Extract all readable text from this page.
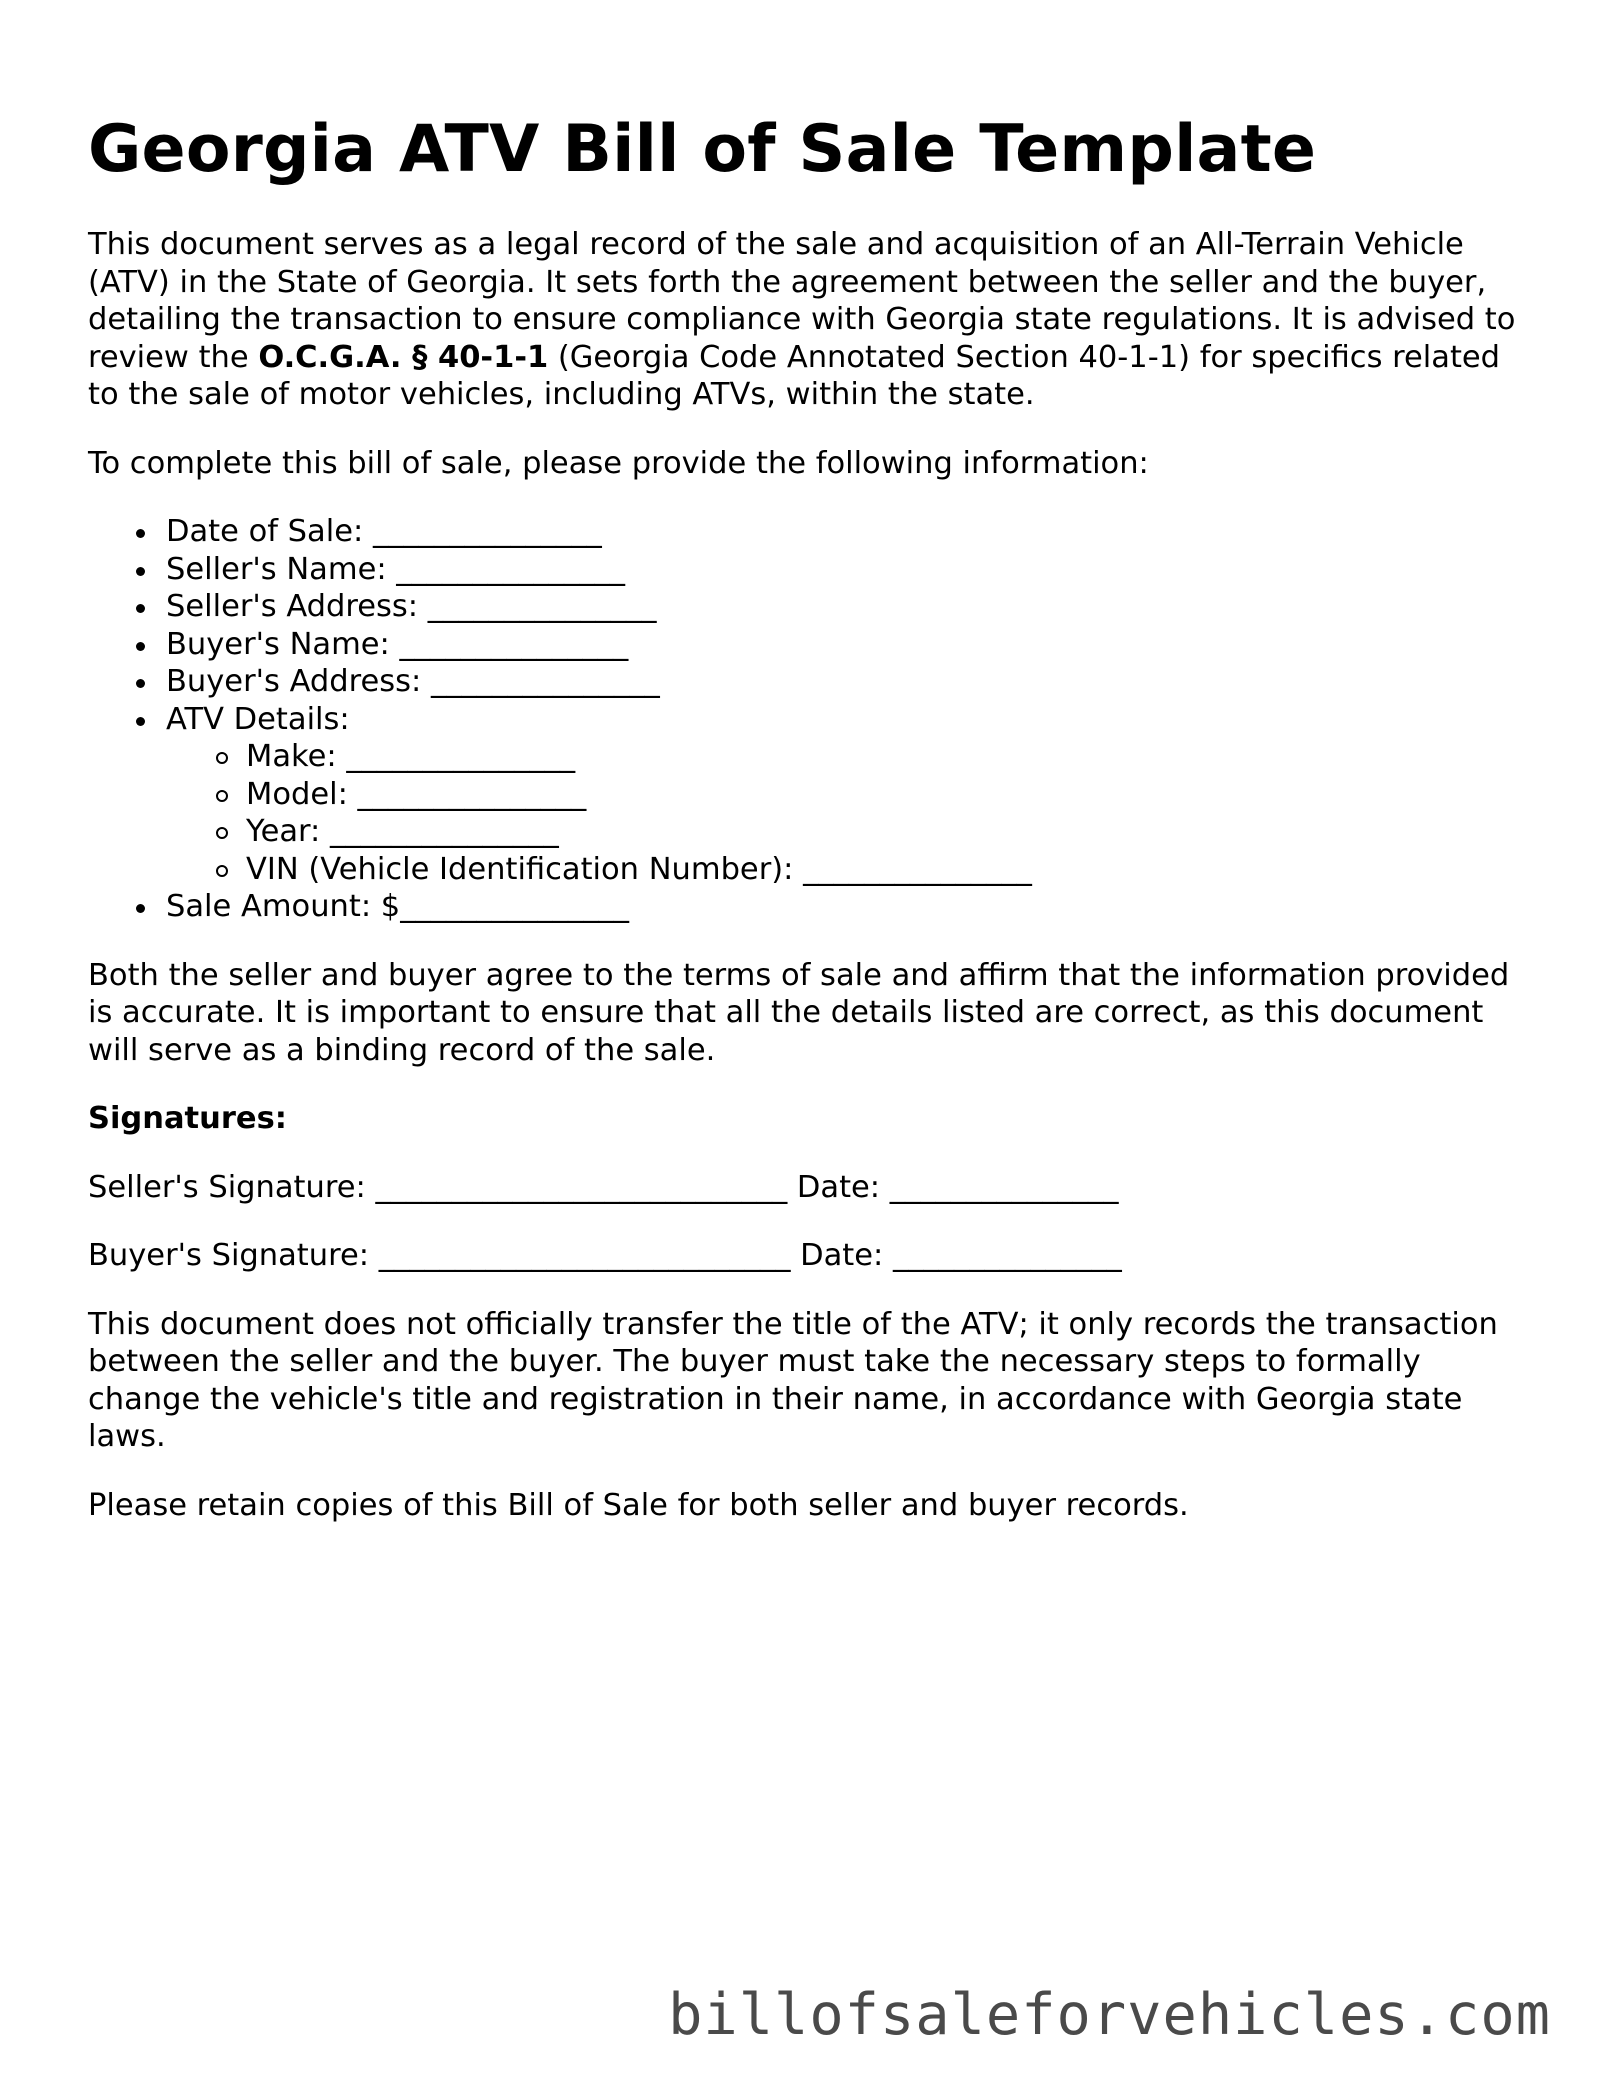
Georgia ATV Bill of Sale Template

This document serves as a legal record of the sale and acquisition of an All-Terrain Vehicle (ATV) in the State of Georgia. It sets forth the agreement between the seller and the buyer, detailing the transaction to ensure compliance with Georgia state regulations. It is advised to review the O.C.G.A. § 40-1-1 (Georgia Code Annotated Section 40-1-1) for specifics related to the sale of motor vehicles, including ATVs, within the state.

To complete this bill of sale, please provide the following information:

Date of Sale: _______________
Seller's Name: _______________
Seller's Address: _______________
Buyer's Name: _______________
Buyer's Address: _______________
ATV Details:
Make: _______________
Model: _______________
Year: _______________
VIN (Vehicle Identification Number): _______________
Sale Amount: $_______________

Both the seller and buyer agree to the terms of sale and affirm that the information provided is accurate. It is important to ensure that all the details listed are correct, as this document will serve as a binding record of the sale.

Signatures:

Seller's Signature: ___________________________ Date: _______________

Buyer's Signature: ___________________________ Date: _______________

This document does not officially transfer the title of the ATV; it only records the transaction between the seller and the buyer. The buyer must take the necessary steps to formally change the vehicle's title and registration in their name, in accordance with Georgia state laws.

Please retain copies of this Bill of Sale for both seller and buyer records.

billofsaleforvehicles.com
